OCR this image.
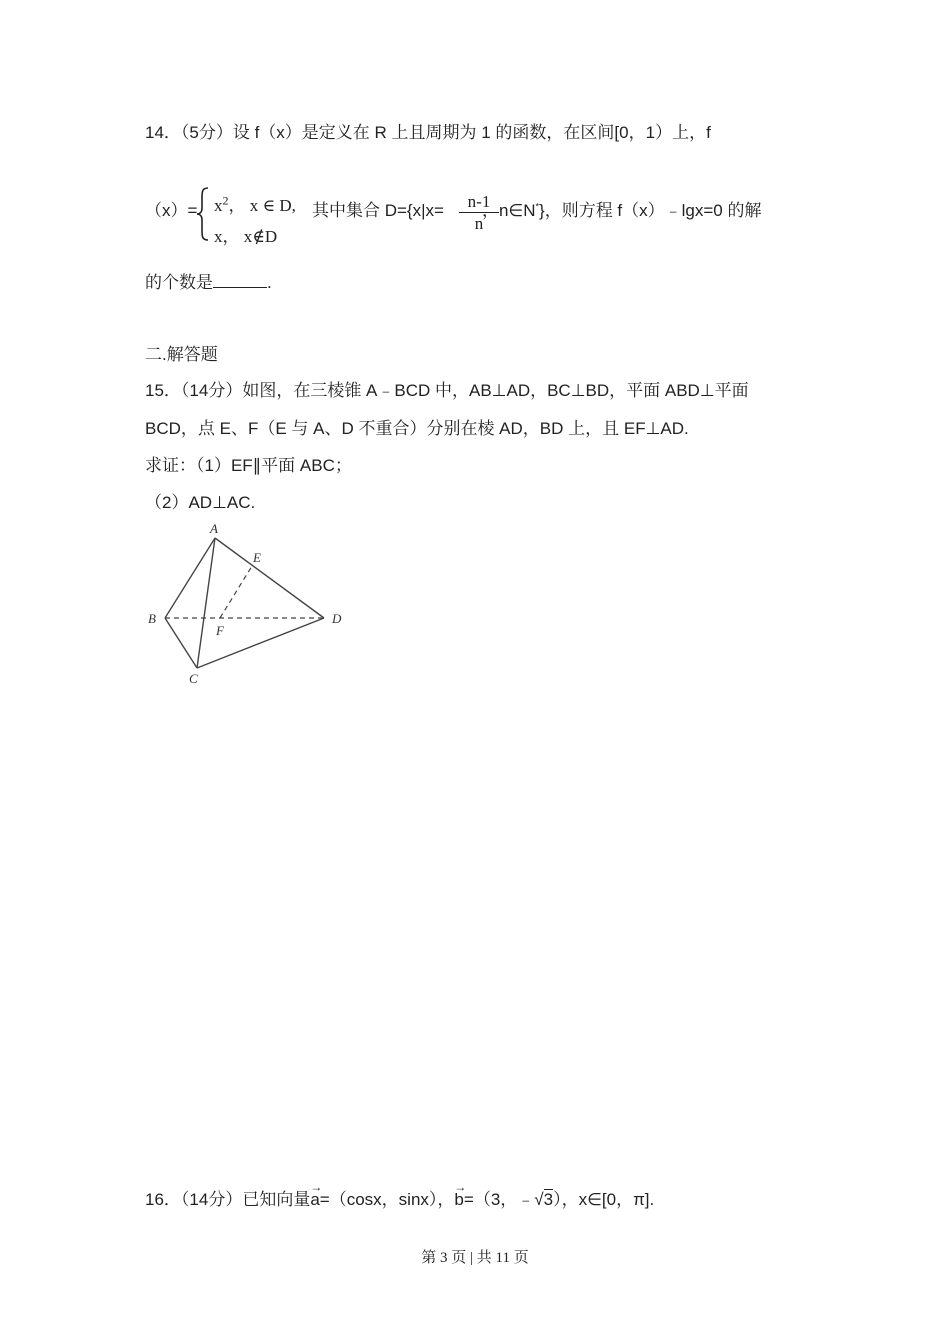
14．（5分）设 f（x）是定义在 R 上且周期为 1 的函数，在区间[0，1）上，f
$(x)= x^2$， x ∈ D,
x， x∉D
其中集合 D={x|x= ，n∈N*}，则方程 f（x）﹣lgx=0 的解
$\frac{n-1}{n}$
的个数是	.
二.解答题
15．（14分）如图，在三棱锥 A﹣BCD 中，AB⊥AD，BC⊥BD，平面 ABD⊥平面
BCD，点 E、F（E 与 A、D 不重合）分别在棱 AD，BD 上，且 EF⊥AD.
求证：（1）EF∥平面 ABC；
（2）AD⊥AC.
A
B
C
D
E
F
16．（14分）已知向量
→
a=（cosx，sinx），
→
b=（3，﹣√3），x∈[0，π].
第 3 页 | 共 11 页
